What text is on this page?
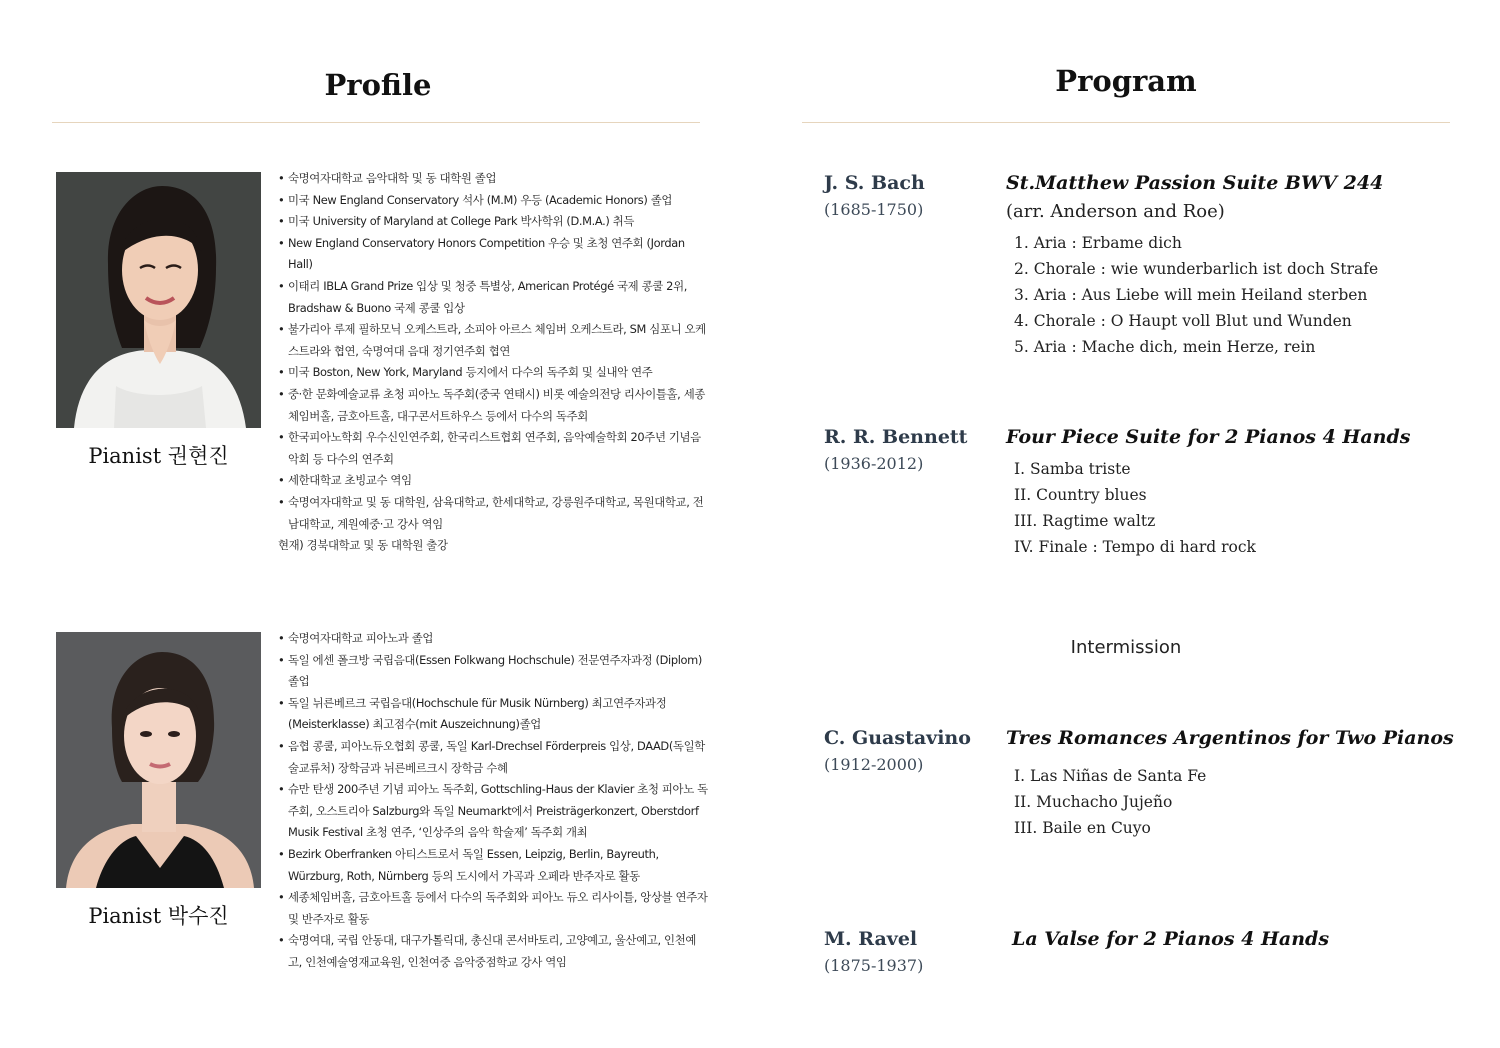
Profile
Pianist 권현진
• 숙명여자대학교 음악대학 및 동 대학원 졸업
• 미국 New England Conservatory 석사 (M.M) 우등 (Academic Honors) 졸업
• 미국 University of Maryland at College Park 박사학위 (D.M.A.) 취득
• New England Conservatory Honors Competition 우승 및 초청 연주회 (Jordan Hall)
• 이태리 IBLA Grand Prize 입상 및 청중 특별상, American Protégé 국제 콩쿨 2위, Bradshaw & Buono 국제 콩쿨 입상
• 불가리아 루제 필하모닉 오케스트라, 소피아 아르스 체임버 오케스트라, SM 심포니 오케스트라와 협연, 숙명여대 음대 정기연주회 협연
• 미국 Boston, New York, Maryland 등지에서 다수의 독주회 및 실내악 연주
• 중·한 문화예술교류 초청 피아노 독주회(중국 연태시) 비롯 예술의전당 리사이틀홀, 세종체임버홀, 금호아트홀, 대구콘서트하우스 등에서 다수의 독주회
• 한국피아노학회 우수신인연주회, 한국리스트협회 연주회, 음악예술학회 20주년 기념음악회 등 다수의 연주회
• 세한대학교 초빙교수 역임
• 숙명여자대학교 및 동 대학원, 삼육대학교, 한세대학교, 강릉원주대학교, 목원대학교, 전남대학교, 계원예중·고 강사 역임
현재) 경북대학교 및 동 대학원 출강
Pianist 박수진
• 숙명여자대학교 피아노과 졸업
• 독일 에센 폴크방 국립음대(Essen Folkwang Hochschule) 전문연주자과정 (Diplom)졸업
• 독일 뉘른베르크 국립음대(Hochschule für Musik Nürnberg) 최고연주자과정 (Meisterklasse) 최고점수(mit Auszeichnung)졸업
• 음협 콩쿨, 피아노듀오협회 콩쿨, 독일 Karl-Drechsel Förderpreis 입상, DAAD(독일학술교류처) 장학금과 뉘른베르크시 장학금 수혜
• 슈만 탄생 200주년 기념 피아노 독주회, Gottschling-Haus der Klavier 초청 피아노 독주회, 오스트리아 Salzburg와 독일 Neumarkt에서 Preisträgerkonzert, Oberstdorf Musik Festival 초청 연주, ‘인상주의 음악 학술제’ 독주회 개최
• Bezirk Oberfranken 아티스트로서 독일 Essen, Leipzig, Berlin, Bayreuth, Würzburg, Roth, Nürnberg 등의 도시에서 가곡과 오페라 반주자로 활동
• 세종체임버홀, 금호아트홀 등에서 다수의 독주회와 피아노 듀오 리사이틀, 앙상블 연주자 및 반주자로 활동
• 숙명여대, 국립 안동대, 대구가톨릭대, 총신대 콘서바토리, 고양예고, 울산예고, 인천예고, 인천예술영재교육원, 인천여중 음악중점학교 강사 역임
Program
J. S. Bach
(1685-1750)
St.Matthew Passion Suite BWV 244
(arr. Anderson and Roe)
1. Aria : Erbame dich
2. Chorale : wie wunderbarlich ist doch Strafe
3. Aria : Aus Liebe will mein Heiland sterben
4. Chorale : O Haupt voll Blut und Wunden
5. Aria : Mache dich, mein Herze, rein
R. R. Bennett
(1936-2012)
Four Piece Suite for 2 Pianos 4 Hands
I. Samba triste
II. Country blues
III. Ragtime waltz
IV. Finale : Tempo di hard rock
Intermission
C. Guastavino
(1912-2000)
Tres Romances Argentinos for Two Pianos
I. Las Niñas de Santa Fe
II. Muchacho Jujeño
III. Baile en Cuyo
M. Ravel
(1875-1937)
La Valse for 2 Pianos 4 Hands
